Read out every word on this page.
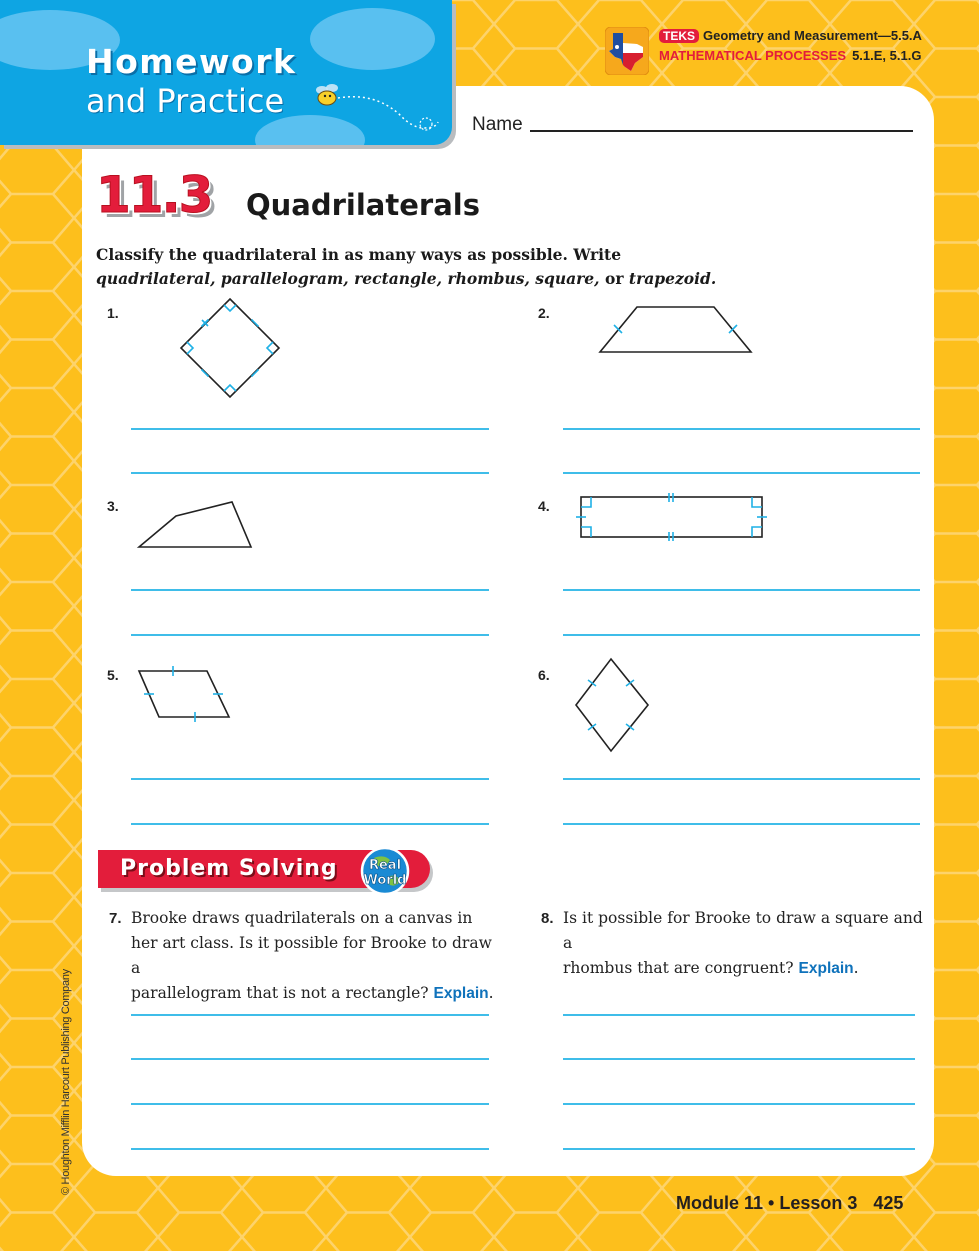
Homework
and Practice
TEKS Geometry and Measurement—5.5.A
MATHEMATICAL PROCESSES 5.1.E, 5.1.G
Name
11.3 Quadrilaterals
Classify the quadrilateral in as many ways as possible. Write
quadrilateral, parallelogram, rectangle, rhombus, square, or trapezoid.
1.	2.
3.	4.
5.	6.
Problem Solving Real
World
7. Brooke draws quadrilaterals on a canvas in
her art class. Is it possible for Brooke to draw a
parallelogram that is not a rectangle? Explain.
8. Is it possible for Brooke to draw a square and a
rhombus that are congruent? Explain.
© Houghton Mifflin Harcourt Publishing Company
Module 11 • Lesson 3 425
